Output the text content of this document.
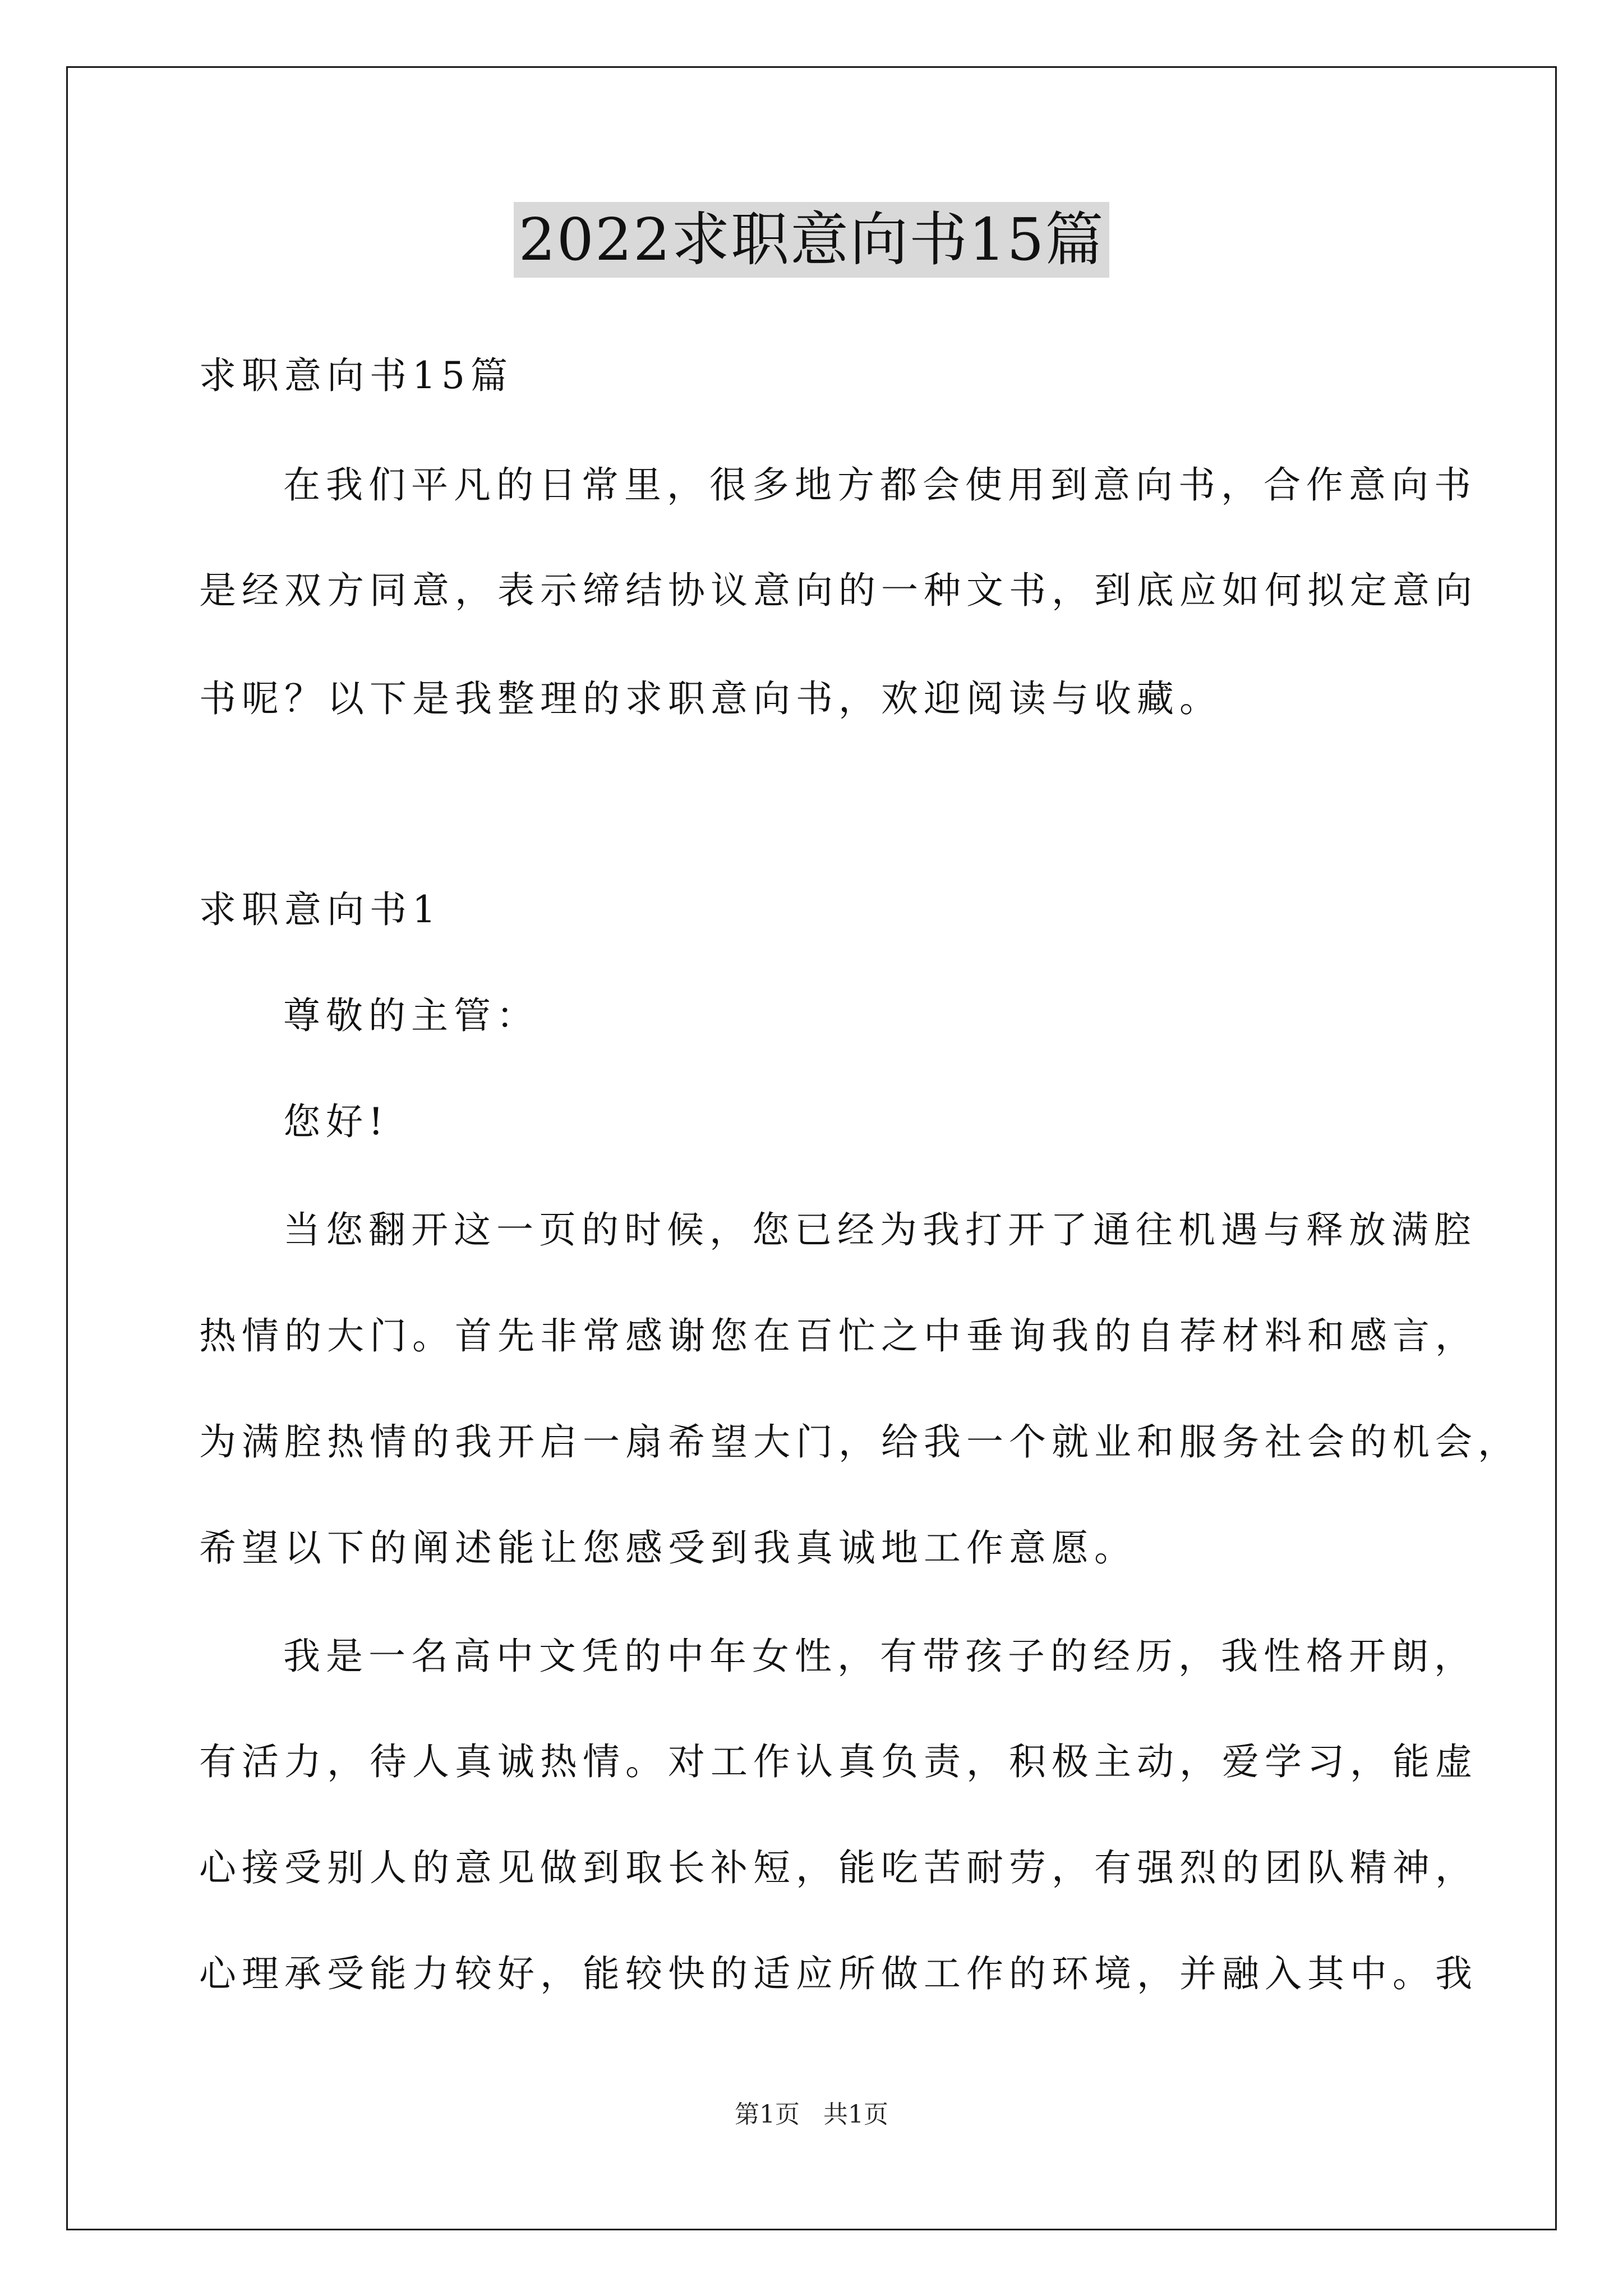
2022求职意向书15篇

求职意向书15篇

在我们平凡的日常里，很多地方都会使用到意向书，合作意向书

是经双方同意，表示缔结协议意向的一种文书，到底应如何拟定意向

书呢？以下是我整理的求职意向书，欢迎阅读与收藏。

求职意向书1

尊敬的主管：

您好!

当您翻开这一页的时候，您已经为我打开了通往机遇与释放满腔

热情的大门。首先非常感谢您在百忙之中垂询我的自荐材料和感言，

为满腔热情的我开启一扇希望大门，给我一个就业和服务社会的机会，

希望以下的阐述能让您感受到我真诚地工作意愿。

我是一名高中文凭的中年女性，有带孩子的经历，我性格开朗，

有活力，待人真诚热情。对工作认真负责，积极主动，爱学习，能虚

心接受别人的意见做到取长补短，能吃苦耐劳，有强烈的团队精神，

心理承受能力较好，能较快的适应所做工作的环境，并融入其中。我

第1页   共1页
